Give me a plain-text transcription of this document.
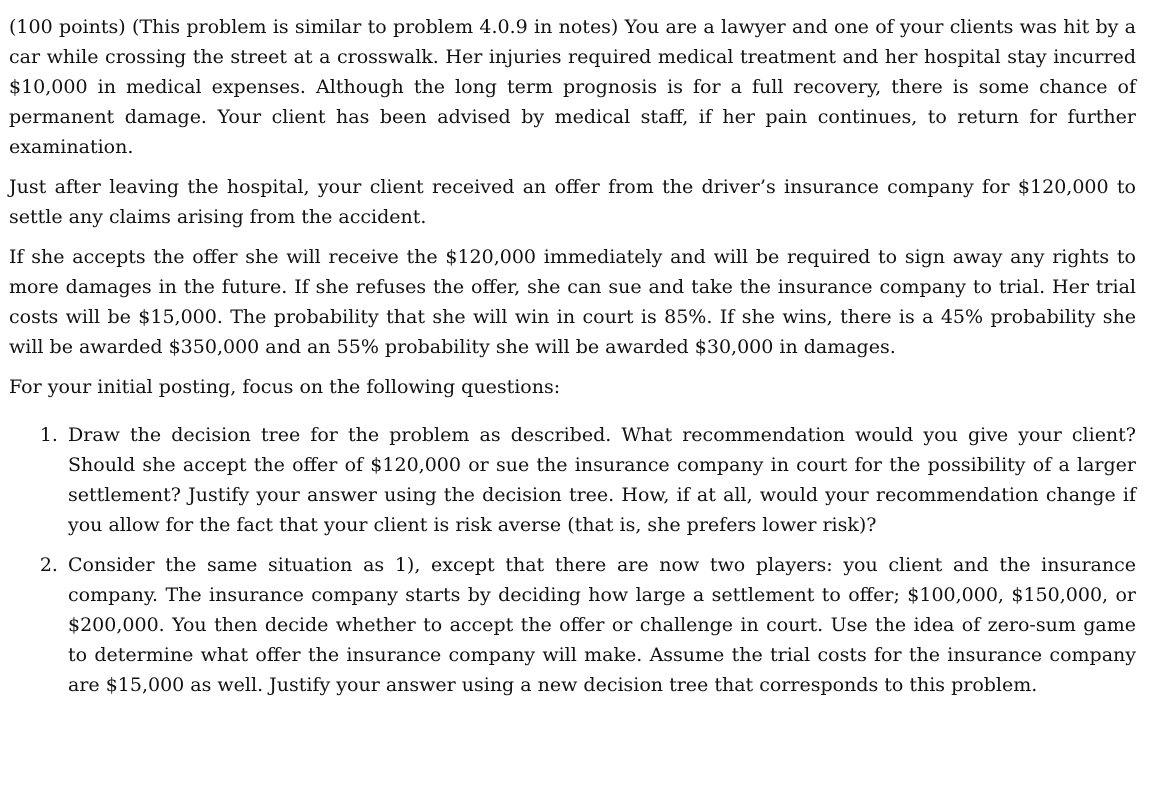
(100 points) (This problem is similar to problem 4.0.9 in notes) You are a lawyer and one of your clients was hit by a car while crossing the street at a crosswalk. Her injuries required medical treatment and her hospital stay incurred $10,000 in medical expenses. Although the long term prognosis is for a full recovery, there is some chance of permanent damage. Your client has been advised by medical staff, if her pain continues, to return for further examination.

Just after leaving the hospital, your client received an offer from the driver’s insurance company for $120,000 to settle any claims arising from the accident.

If she accepts the offer she will receive the $120,000 immediately and will be required to sign away any rights to more damages in the future. If she refuses the offer, she can sue and take the insurance company to trial. Her trial costs will be $15,000. The probability that she will win in court is 85%. If she wins, there is a 45% probability she will be awarded $350,000 and an 55% probability she will be awarded $30,000 in damages.

For your initial posting, focus on the following questions:

1. Draw the decision tree for the problem as described. What recommendation would you give your client? Should she accept the offer of $120,000 or sue the insurance company in court for the possibility of a larger settlement? Justify your answer using the decision tree. How, if at all, would your recommendation change if you allow for the fact that your client is risk averse (that is, she prefers lower risk)?
2. Consider the same situation as 1), except that there are now two players: you client and the insurance company. The insurance company starts by deciding how large a settlement to offer; $100,000, $150,000, or $200,000. You then decide whether to accept the offer or challenge in court. Use the idea of zero-sum game to determine what offer the insurance company will make. Assume the trial costs for the insurance company are $15,000 as well. Justify your answer using a new decision tree that corresponds to this problem.
